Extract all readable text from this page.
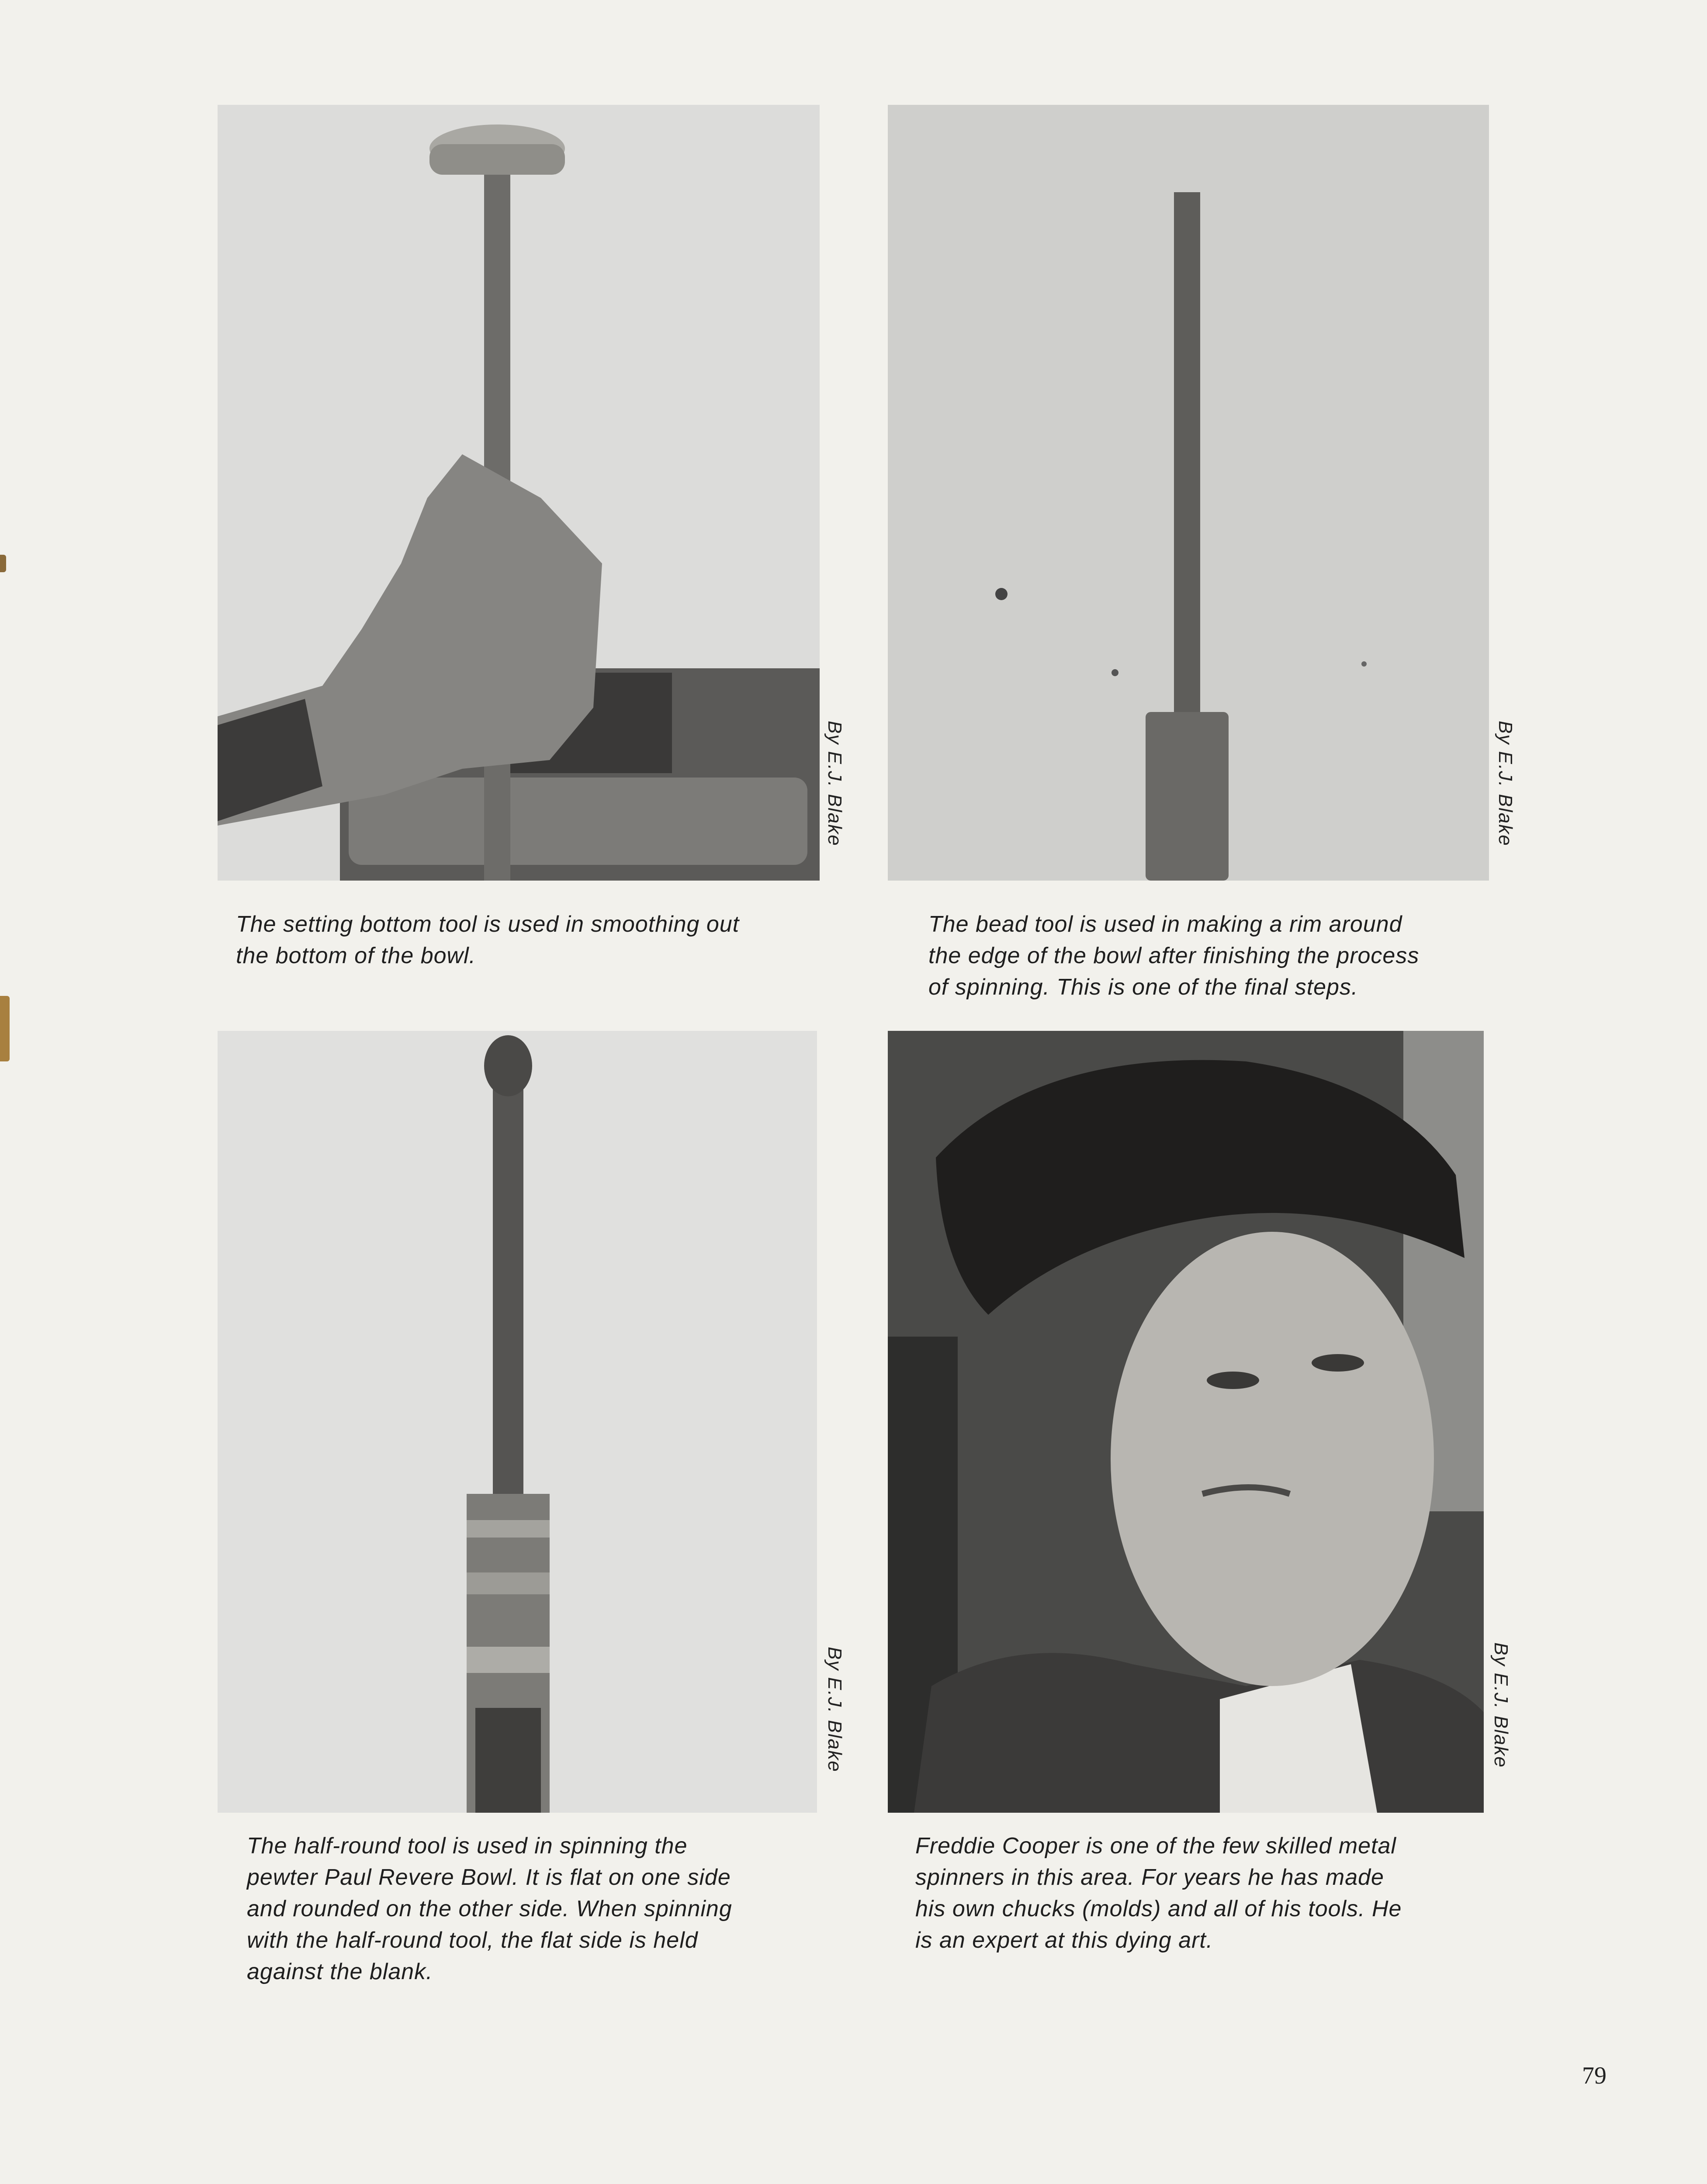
By E.J. Blake
The setting bottom tool is used in smoothing out
the bottom of the bowl.
By E.J. Blake
The bead tool is used in making a rim around
the edge of the bowl after finishing the process
of spinning. This is one of the final steps.
By E.J. Blake
The half-round tool is used in spinning the
pewter Paul Revere Bowl. It is flat on one side
and rounded on the other side. When spinning
with the half-round tool, the flat side is held
against the blank.
By E.J. Blake
Freddie Cooper is one of the few skilled metal
spinners in this area. For years he has made
his own chucks (molds) and all of his tools. He
is an expert at this dying art.
79
